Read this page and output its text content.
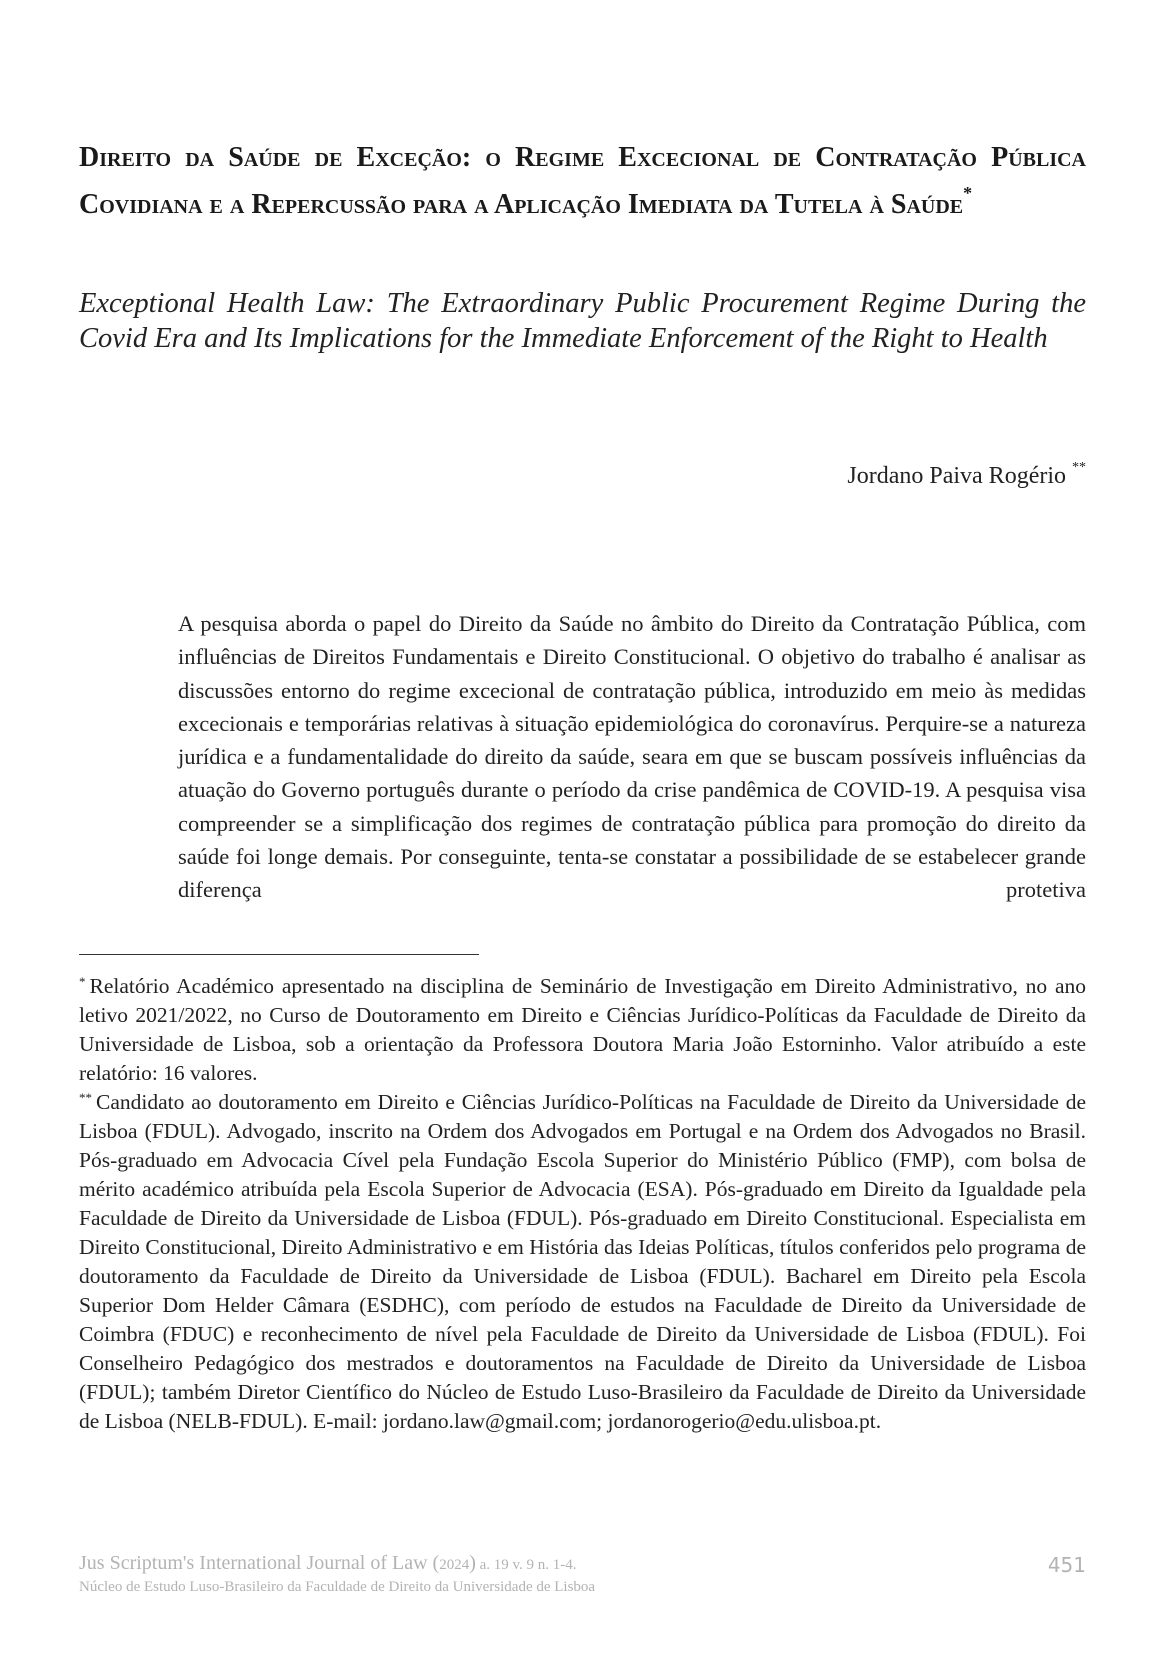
Direito da Saúde de Exceção: o Regime Excecional de Contratação Pública Covidiana e a Repercussão para a Aplicação Imediata da Tutela à Saúde*

Exceptional Health Law: The Extraordinary Public Procurement Regime During the Covid Era and Its Implications for the Immediate Enforcement of the Right to Health

Jordano Paiva Rogério **

A pesquisa aborda o papel do Direito da Saúde no âmbito do Direito da Contratação Pública, com influências de Direitos Fundamentais e Direito Constitucional. O objetivo do trabalho é analisar as discussões entorno do regime excecional de contratação pública, introduzido em meio às medidas excecionais e temporárias relativas à situação epidemiológica do coronavírus. Perquire-se a natureza jurídica e a fundamentalidade do direito da saúde, seara em que se buscam possíveis influências da atuação do Governo português durante o período da crise pandêmica de COVID-19. A pesquisa visa compreender se a simplificação dos regimes de contratação pública para promoção do direito da saúde foi longe demais. Por conseguinte, tenta-se constatar a possibilidade de se estabelecer grande diferença protetiva

* Relatório Académico apresentado na disciplina de Seminário de Investigação em Direito Administrativo, no ano letivo 2021/2022, no Curso de Doutoramento em Direito e Ciências Jurídico-Políticas da Faculdade de Direito da Universidade de Lisboa, sob a orientação da Professora Doutora Maria João Estorninho. Valor atribuído a este relatório: 16 valores.

** Candidato ao doutoramento em Direito e Ciências Jurídico-Políticas na Faculdade de Direito da Universidade de Lisboa (FDUL). Advogado, inscrito na Ordem dos Advogados em Portugal e na Ordem dos Advogados no Brasil. Pós-graduado em Advocacia Cível pela Fundação Escola Superior do Ministério Público (FMP), com bolsa de mérito académico atribuída pela Escola Superior de Advocacia (ESA). Pós-graduado em Direito da Igualdade pela Faculdade de Direito da Universidade de Lisboa (FDUL). Pós-graduado em Direito Constitucional. Especialista em Direito Constitucional, Direito Administrativo e em História das Ideias Políticas, títulos conferidos pelo programa de doutoramento da Faculdade de Direito da Universidade de Lisboa (FDUL). Bacharel em Direito pela Escola Superior Dom Helder Câmara (ESDHC), com período de estudos na Faculdade de Direito da Universidade de Coimbra (FDUC) e reconhecimento de nível pela Faculdade de Direito da Universidade de Lisboa (FDUL). Foi Conselheiro Pedagógico dos mestrados e doutoramentos na Faculdade de Direito da Universidade de Lisboa (FDUL); também Diretor Científico do Núcleo de Estudo Luso-Brasileiro da Faculdade de Direito da Universidade de Lisboa (NELB-FDUL). E-mail: jordano.law@gmail.com; jordanorogerio@edu.ulisboa.pt.

Jus Scriptum's International Journal of Law (2024) a. 19 v. 9 n. 1-4.
Núcleo de Estudo Luso-Brasileiro da Faculdade de Direito da Universidade de Lisboa
451
